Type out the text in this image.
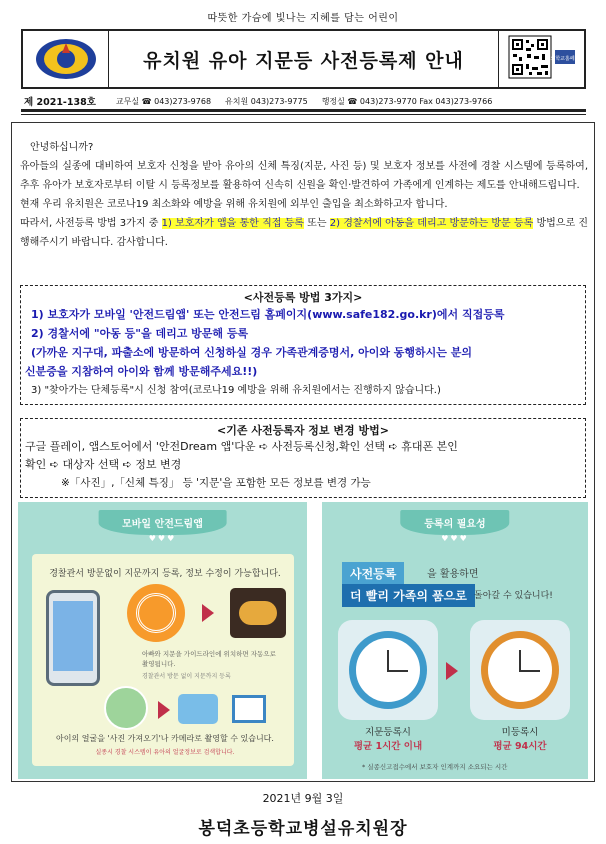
따뜻한 가슴에 빛나는 지혜를 담는 어린이
유치원 유아 지문등 사전등록제 안내	나의학교홈페이지
제 2021-138호	교무실 ☎ 043)273-9768 유치원 043)273-9775 행정실 ☎ 043)273-9770 Fax 043)273-9766

안녕하십니까?

유아들의 실종에 대비하여 보호자 신청을 받아 유아의 신체 특징(지문, 사진 등) 및 보호자 정보를 사전에 경찰 시스템에 등록하여, 추후 유아가 보호자로부터 이탈 시 등록정보를 활용하여 신속히 신원을 확인·발견하여 가족에게 인계하는 제도를 안내해드립니다.

현재 우리 유치원은 코로나19 최소화와 예방을 위해 유치원에 외부인 출입을 최소화하고자 합니다.

따라서, 사전등록 방법 3가지 중 1) 보호자가 앱을 통한 직접 등록 또는 2) 경찰서에 아동을 데리고 방문하는 방문 등록 방법으로 진행해주시기 바랍니다. 감사합니다.

<사전등록 방법 3가지>
1) 보호자가 모바일 '안전드림앱' 또는 안전드림 홈페이지(www.safe182.go.kr)에서 직접등록
2) 경찰서에 "아동 등"을 데리고 방문해 등록
(가까운 지구대, 파출소에 방문하여 신청하실 경우 가족관계증명서, 아이와 동행하시는 분의
신분증을 지참하여 아이와 함께 방문해주세요!!)
3) "찾아가는 단체등록"시 신청 참여(코로나19 예방을 위해 유치원에서는 진행하지 않습니다.)
<기존 사전등록자 정보 변경 방법>
구글 플레이, 앱스토어에서 '안전Dream 앱'다운 ➪ 사전등록신청,확인 선택 ➪ 휴대폰 본인
확인 ➪ 대상자 선택 ➪ 정보 변경
※「사진」,「신체 특징」 등 '지문'을 포함한 모든 정보를 변경 가능
모바일 안전드림앱
♥♥♥
경찰관서 방문없이 지문까지 등록, 정보 수정이 가능합니다.
아빠와 지문을 가이드라인에 위치하면 자동으로 촬영됩니다.
경찰관서 방문 없이 지문까지 등록
아이의 얼굴을 '사진 가져오기'나 카메라로 촬영할 수 있습니다.
실종시 경찰 시스템이 유아의 얼굴정보로 검색합니다.
등록의 필요성
♥♥♥
사전등록	을 활용하면
더 빨리 가족의 품으로 돌아갈 수 있습니다!
지문등록시
평균 1시간 이내
미등록시
평균 94시간
* 실종신고접수에서 보호자 인계까지 소요되는 시간
2021년 9월 3일
봉덕초등학교병설유치원장
